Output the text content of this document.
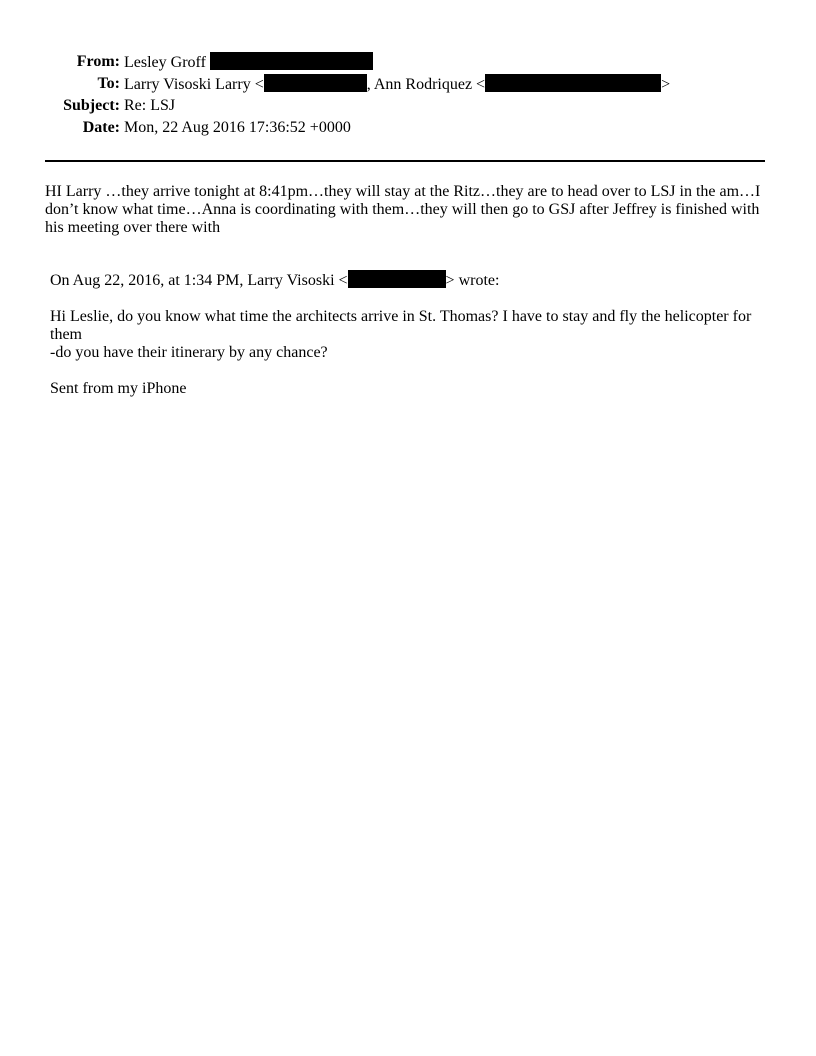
From: Lesley Groff
To: Larry Visoski Larry <	, Ann Rodriquez <	>
Subject: Re: LSJ
Date: Mon, 22 Aug 2016 17:36:52 +0000
HI Larry …they arrive tonight at 8:41pm…they will stay at the Ritz…they are to head over to LSJ in the am…I don’t know what time…Anna is coordinating with them…they will then go to GSJ after Jeffrey is finished with his meeting over there with

On Aug 22, 2016, at 1:34 PM, Larry Visoski <	> wrote:

Hi Leslie, do you know what time the architects arrive in St. Thomas? I have to stay and fly the helicopter for them

-do you have their itinerary by any chance?

Sent from my iPhone
